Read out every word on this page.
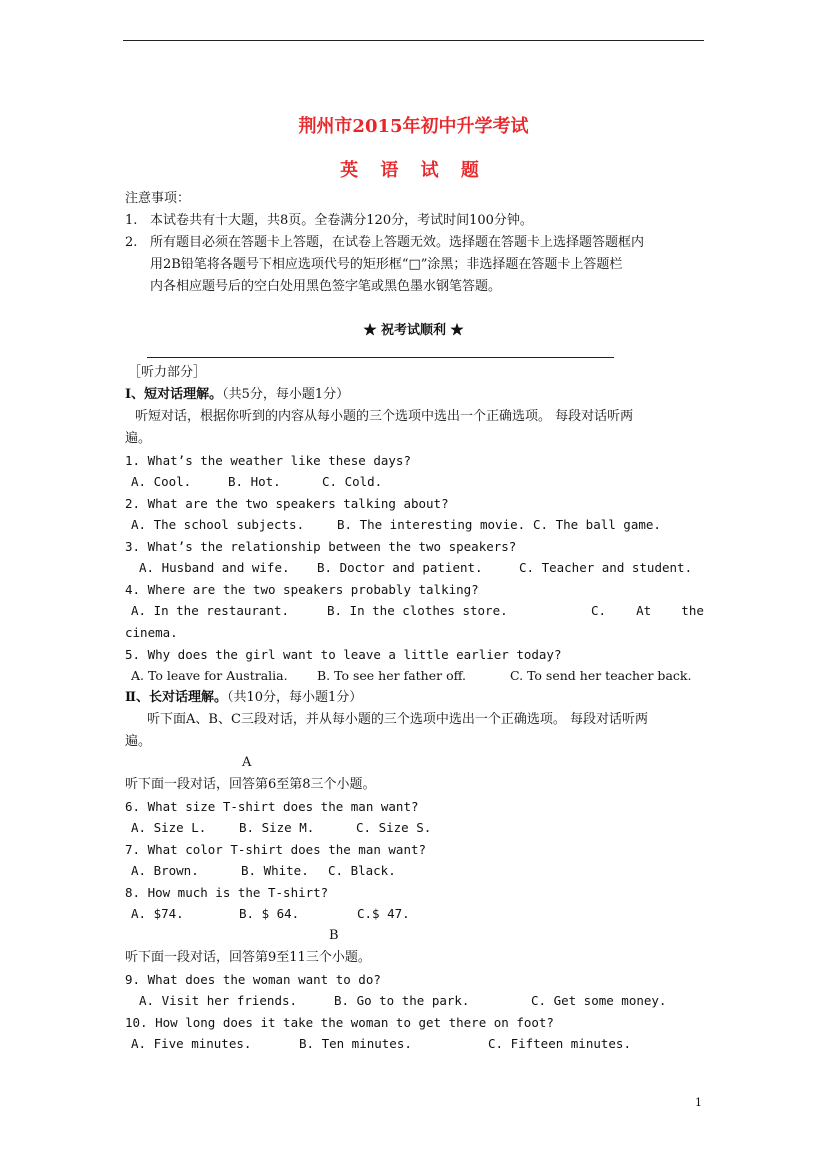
荆州市2015年初中升学考试
英 语 试 题
注意事项：
1. 本试卷共有十大题，共8页。全卷满分120分，考试时间100分钟。
2. 所有题目必须在答题卡上答题，在试卷上答题无效。选择题在答题卡上选择题答题框内
用2B铅笔将各题号下相应选项代号的矩形框“□”涂黑；非选择题在答题卡上答题栏
内各相应题号后的空白处用黑色签字笔或黑色墨水钢笔答题。
★ 祝考试顺利 ★
［听力部分］
Ⅰ、短对话理解。（共5分，每小题1分）
听短对话，根据你听到的内容从每小题的三个选项中选出一个正确选项。 每段对话听两
遍。
1. What’s the weather like these days?
A. Cool.	B. Hot.	C. Cold.
2. What are the two speakers talking about?
A. The school subjects.	B. The interesting movie. C. The ball game.
3. What’s the relationship between the two speakers?
A. Husband and wife. B. Doctor and patient.	C. Teacher and student.
4. Where are the two speakers probably talking?
A. In the restaurant.	B. In the clothes store.	C.    At    the
cinema.
5. Why does the girl want to leave a little earlier today?
A. To leave for Australia. B. To see her father off.	C. To send her teacher back.
Ⅱ、长对话理解。（共10分，每小题1分）
听下面A、B、C三段对话，并从每小题的三个选项中选出一个正确选项。 每段对话听两
遍。
A
听下面一段对话，回答第6至第8三个小题。
6. What size T-shirt does the man want?
A. Size L.	B. Size M.	C. Size S.
7. What color T-shirt does the man want?
A. Brown.	B. White. C. Black.
8. How much is the T-shirt?
A. $74.	B. $ 64.	C.$ 47.
B
听下面一段对话，回答第9至11三个小题。
9. What does the woman want to do?
A. Visit her friends.	B. Go to the park.	C. Get some money.
10. How long does it take the woman to get there on foot?
A. Five minutes.	B. Ten minutes.	C. Fifteen minutes.
1
